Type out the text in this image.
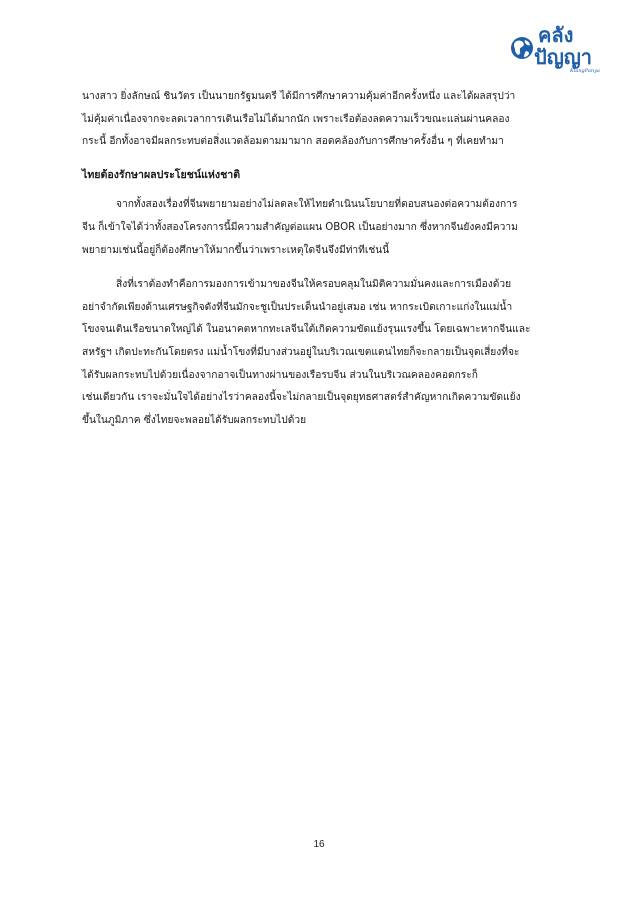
คลัง
ปัญญา
KlangPanya
นางสาว ยิ่งลักษณ์ ชินวัตร เป็นนายกรัฐมนตรี ได้มีการศึกษาความคุ้มค่าอีกครั้งหนึ่ง และได้ผลสรุปว่า
ไม่คุ้มค่าเนื่องจากจะลดเวลาการเดินเรือไม่ได้มากนัก เพราะเรือต้องลดความเร็วขณะแล่นผ่านคลอง
กระนี้ อีกทั้งอาจมีผลกระทบต่อสิ่งแวดล้อมตามมามาก สอดคล้องกับการศึกษาครั้งอื่น ๆ ที่เคยทำมา
ไทยต้องรักษาผลประโยชน์แห่งชาติ
จากทั้งสองเรื่องที่จีนพยายามอย่างไม่ลดละให้ไทยดำเนินนโยบายที่ตอบสนองต่อความต้องการ
จีน ก็เข้าใจได้ว่าทั้งสองโครงการนี้มีความสำคัญต่อแผน OBOR เป็นอย่างมาก ซึ่งหากจีนยังคงมีความ
พยายามเช่นนี้อยู่ก็ต้องศึกษาให้มากขึ้นว่าเพราะเหตุใดจีนจึงมีท่าทีเช่นนี้
สิ่งที่เราต้องทำคือการมองการเข้ามาของจีนให้ครอบคลุมในมิติความมั่นคงและการเมืองด้วย
อย่าจำกัดเพียงด้านเศรษฐกิจดังที่จีนมักจะชูเป็นประเด็นนำอยู่เสมอ เช่น หากระเบิดเกาะแก่งในแม่น้ำ
โขงจนเดินเรือขนาดใหญ่ได้ ในอนาคตหากทะเลจีนใต้เกิดความขัดแย้งรุนแรงขึ้น โดยเฉพาะหากจีนและ
สหรัฐฯ เกิดปะทะกันโดยตรง แม่น้ำโขงที่มีบางส่วนอยู่ในบริเวณเขตแดนไทยก็จะกลายเป็นจุดเสี่ยงที่จะ
ได้รับผลกระทบไปด้วยเนื่องจากอาจเป็นทางผ่านของเรือรบจีน ส่วนในบริเวณคลองคอดกระก็
เช่นเดียวกัน เราจะมั่นใจได้อย่างไรว่าคลองนี้จะไม่กลายเป็นจุดยุทธศาสตร์สำคัญหากเกิดความขัดแย้ง
ขึ้นในภูมิภาค ซึ่งไทยจะพลอยได้รับผลกระทบไปด้วย
16
